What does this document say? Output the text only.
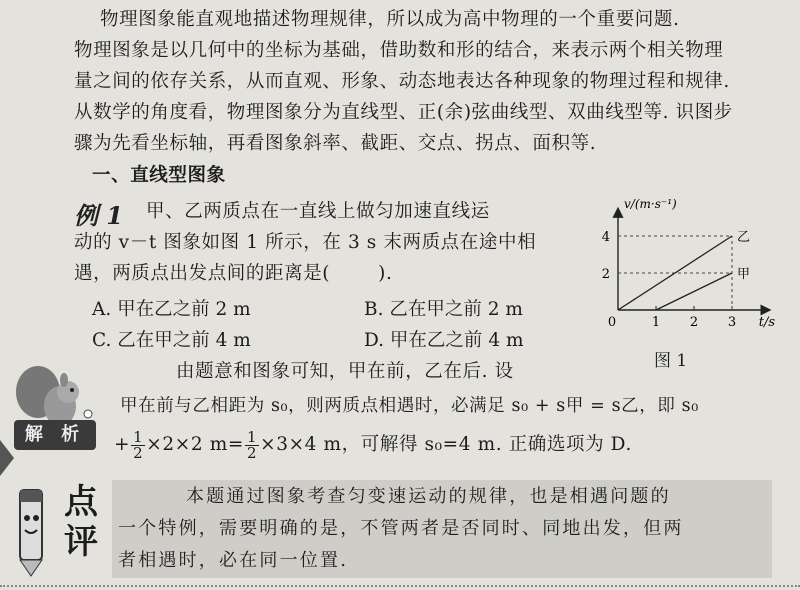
物理图象能直观地描述物理规律，所以成为高中物理的一个重要问题.
物理图象是以几何中的坐标为基础，借助数和形的结合，来表示两个相关物理
量之间的依存关系，从而直观、形象、动态地表达各种现象的物理过程和规律.
从数学的角度看，物理图象分为直线型、正(余)弦曲线型、双曲线型等. 识图步
骤为先看坐标轴，再看图象斜率、截距、交点、拐点、面积等.
一、直线型图象
例 1 甲、乙两质点在一直线上做匀加速直线运
动的 v－t 图象如图 1 所示，在 3 s 末两质点在途中相
遇，两质点出发点间的距离是(	).
A. 甲在乙之前 2 m	B. 乙在甲之前 2 m
C. 乙在甲之前 4 m	D. 甲在乙之前 4 m
v/(m·s⁻¹)
t/s
0	1 2 3
2
4	乙
甲
图 1
解 析
由题意和图象可知，甲在前，乙在后. 设
甲在前与乙相距为 s₀，则两质点相遇时，必满足 s₀ + s甲 = s乙，即 s₀
+ $\frac{1}{2} \times 2\times 2$ $m= \frac{1}{2} \times 3\times 4$ m，可解得 s₀=4 m. 正确选项为 D.
点评
本题通过图象考查匀变速运动的规律，也是相遇问题的
一个特例，需要明确的是，不管两者是否同时、同地出发，但两
者相遇时，必在同一位置.
